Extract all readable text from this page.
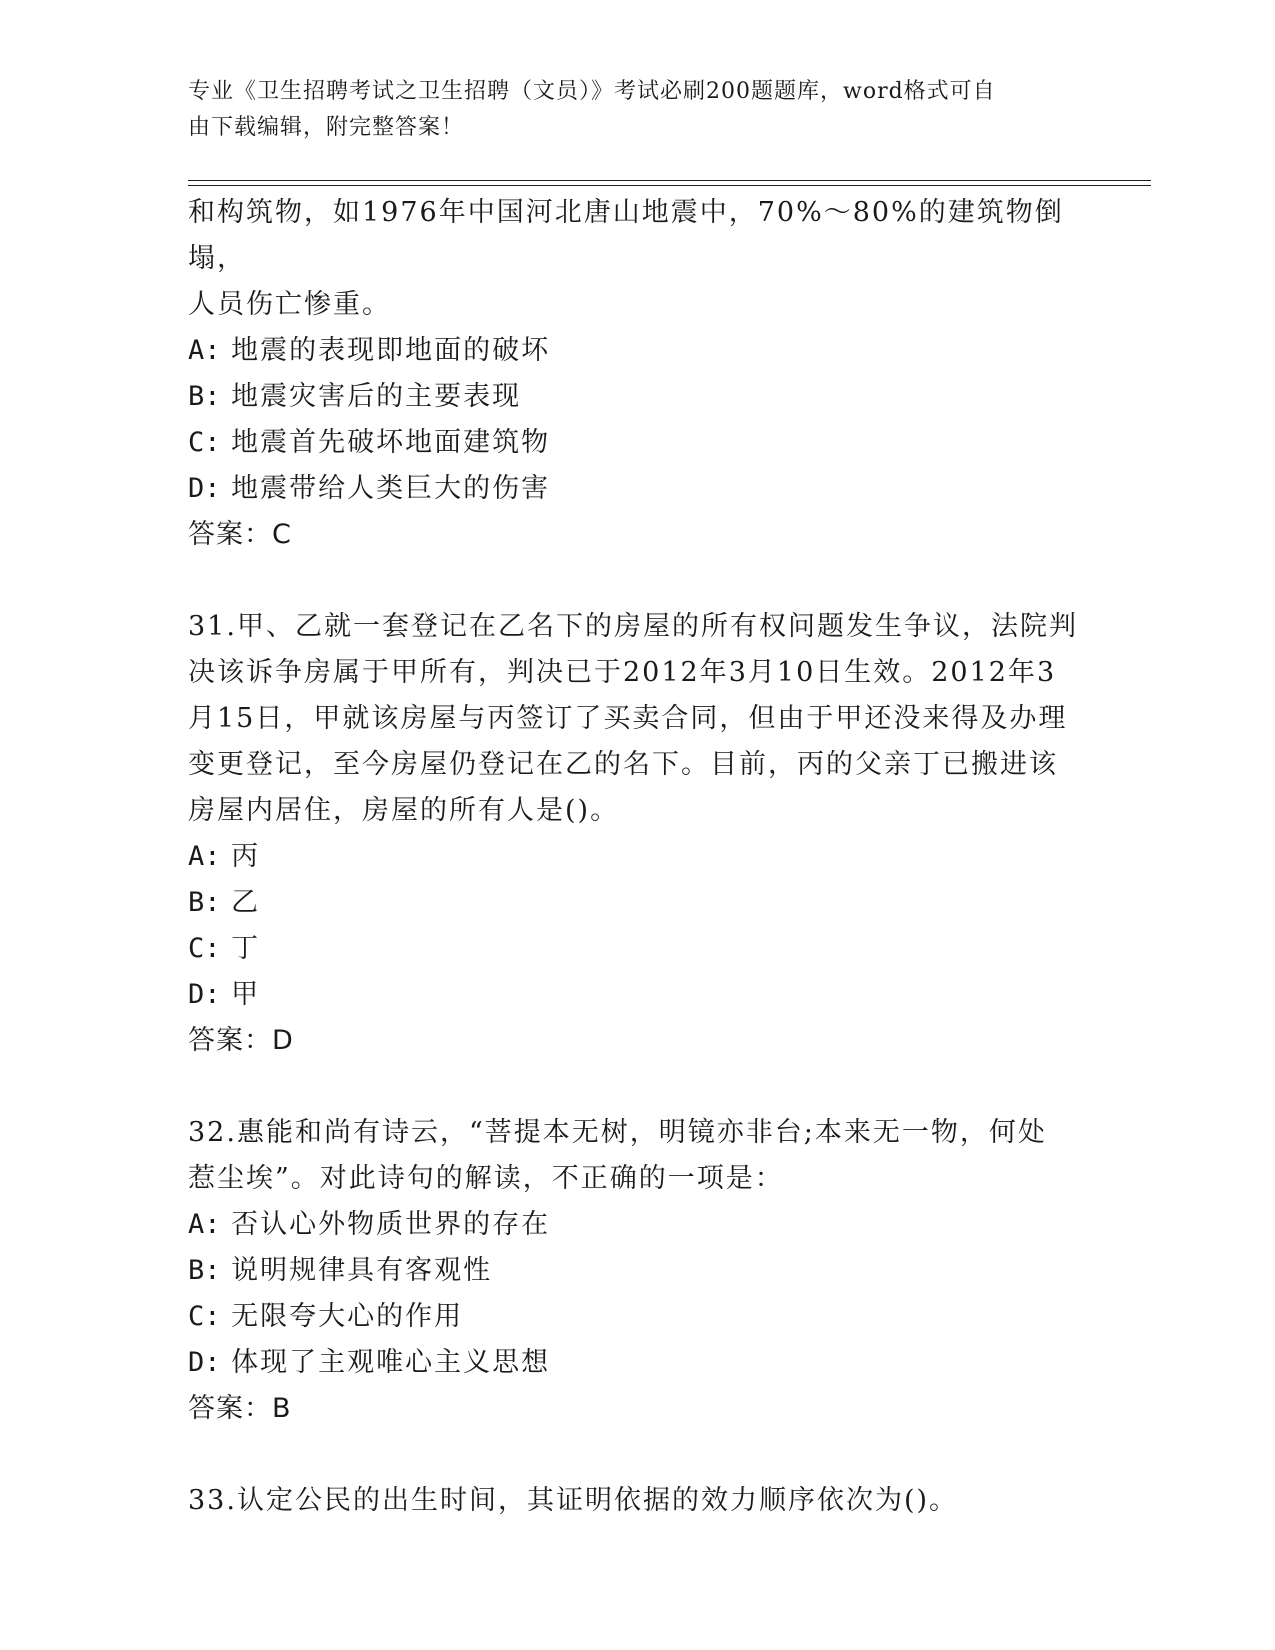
专业《卫生招聘考试之卫生招聘（文员）》考试必刷200题题库，word格式可自
由下载编辑，附完整答案！

和构筑物，如1976年中国河北唐山地震中，70%～80%的建筑物倒塌，

人员伤亡惨重。

A: 地震的表现即地面的破坏

B: 地震灾害后的主要表现

C: 地震首先破坏地面建筑物

D: 地震带给人类巨大的伤害

答案：C

31.甲、乙就一套登记在乙名下的房屋的所有权问题发生争议，法院判

决该诉争房属于甲所有，判决已于2012年3月10日生效。2012年3

月15日，甲就该房屋与丙签订了买卖合同，但由于甲还没来得及办理

变更登记，至今房屋仍登记在乙的名下。目前，丙的父亲丁已搬进该

房屋内居住，房屋的所有人是()。

A: 丙

B: 乙

C: 丁

D: 甲

答案：D

32.惠能和尚有诗云，“菩提本无树，明镜亦非台;本来无一物，何处

惹尘埃”。对此诗句的解读，不正确的一项是：

A: 否认心外物质世界的存在

B: 说明规律具有客观性

C: 无限夸大心的作用

D: 体现了主观唯心主义思想

答案：B

33.认定公民的出生时间，其证明依据的效力顺序依次为()。
